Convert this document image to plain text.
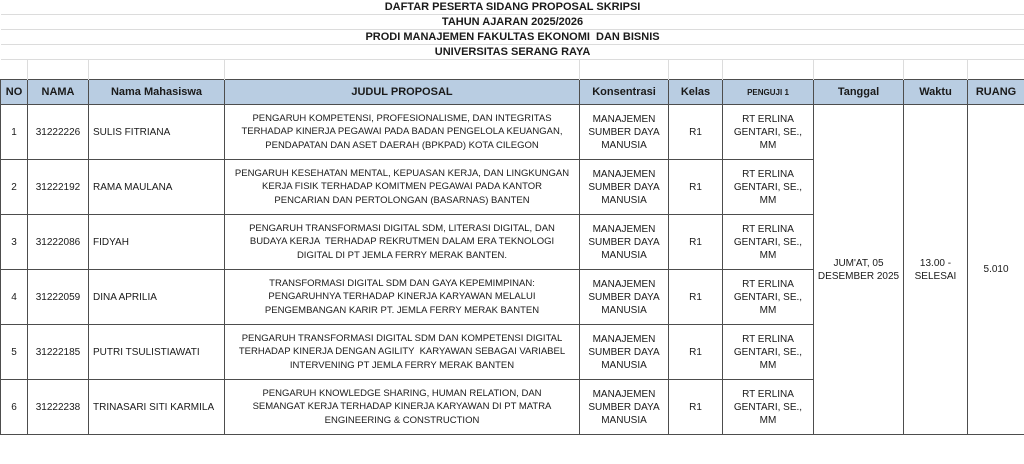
DAFTAR PESERTA SIDANG PROPOSAL SKRIPSI									
TAHUN AJARAN 2025/2026									
PRODI MANAJEMEN FAKULTAS EKONOMI  DAN BISNIS									
UNIVERSITAS SERANG RAYA									

NO	NAMA	Nama Mahasiswa	JUDUL PROPOSAL	Konsentrasi	Kelas	PENGUJI 1	Tanggal	Waktu	RUANG
1	31222226	SULIS FITRIANA	PENGARUH KOMPETENSI, PROFESIONALISME, DAN INTEGRITAS
TERHADAP KINERJA PEGAWAI PADA BADAN PENGELOLA KEUANGAN,
PENDAPATAN DAN ASET DAERAH (BPKPAD) KOTA CILEGON	MANAJEMEN SUMBER DAYA MANUSIA	R1	RT ERLINA GENTARI, SE., MM	JUM'AT, 05 DESEMBER 2025	13.00 - SELESAI	5.010
2	31222192	RAMA MAULANA	PENGARUH KESEHATAN MENTAL, KEPUASAN KERJA, DAN LINGKUNGAN
KERJA FISIK TERHADAP KOMITMEN PEGAWAI PADA KANTOR
PENCARIAN DAN PERTOLONGAN (BASARNAS) BANTEN	MANAJEMEN SUMBER DAYA MANUSIA	R1	RT ERLINA GENTARI, SE., MM			
3	31222086	FIDYAH	PENGARUH TRANSFORMASI DIGITAL SDM, LITERASI DIGITAL, DAN
BUDAYA KERJA  TERHADAP REKRUTMEN DALAM ERA TEKNOLOGI
DIGITAL DI PT JEMLA FERRY MERAK BANTEN.	MANAJEMEN SUMBER DAYA MANUSIA	R1	RT ERLINA GENTARI, SE., MM			
4	31222059	DINA APRILIA	TRANSFORMASI DIGITAL SDM DAN GAYA KEPEMIMPINAN:
PENGARUHNYA TERHADAP KINERJA KARYAWAN MELALUI
PENGEMBANGAN KARIR PT. JEMLA FERRY MERAK BANTEN	MANAJEMEN SUMBER DAYA MANUSIA	R1	RT ERLINA GENTARI, SE., MM			
5	31222185	PUTRI TSULISTIAWATI	PENGARUH TRANSFORMASI DIGITAL SDM DAN KOMPETENSI DIGITAL
TERHADAP KINERJA DENGAN AGILITY  KARYAWAN SEBAGAI VARIABEL
INTERVENING PT JEMLA FERRY MERAK BANTEN	MANAJEMEN SUMBER DAYA MANUSIA	R1	RT ERLINA GENTARI, SE., MM			
6	31222238	TRINASARI SITI KARMILA	PENGARUH KNOWLEDGE SHARING, HUMAN RELATION, DAN
SEMANGAT KERJA TERHADAP KINERJA KARYAWAN DI PT MATRA
ENGINEERING & CONSTRUCTION	MANAJEMEN SUMBER DAYA MANUSIA	R1	RT ERLINA GENTARI, SE., MM			
